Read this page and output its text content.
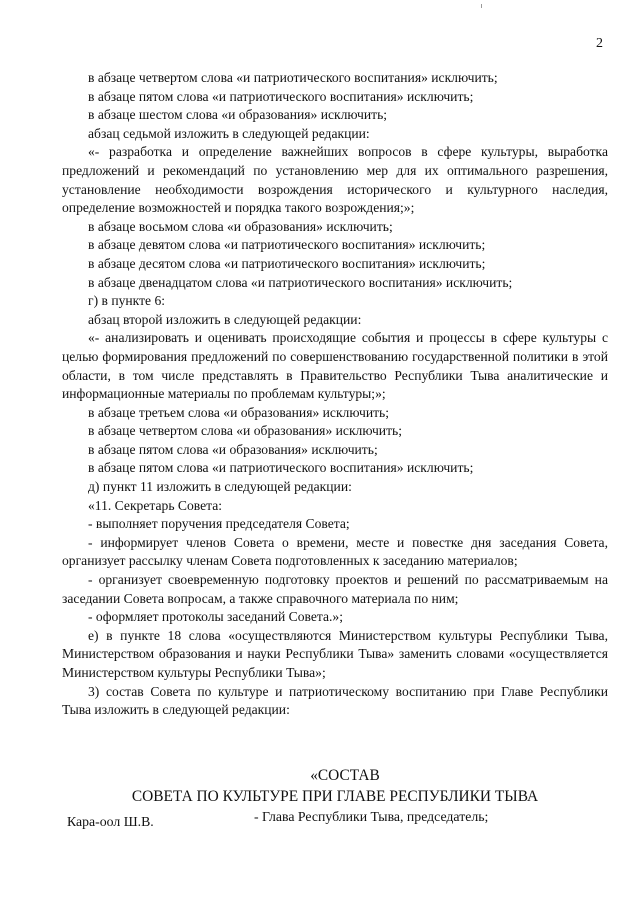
2

в абзаце четвертом слова «и патриотического воспитания» исключить;

в абзаце пятом слова «и патриотического воспитания» исключить;

в абзаце шестом слова «и образования» исключить;

абзац седьмой изложить в следующей редакции:

«- разработка и определение важнейших вопросов в сфере культуры, выработка предложений и рекомендаций по установлению мер для их оптимального разрешения, установление необходимости возрождения исторического и культурного наследия, определение возможностей и порядка такого возрождения;»;

в абзаце восьмом слова «и образования» исключить;

в абзаце девятом слова «и патриотического воспитания» исключить;

в абзаце десятом слова «и патриотического воспитания» исключить;

в абзаце двенадцатом слова «и патриотического воспитания» исключить;

г) в пункте 6:

абзац второй изложить в следующей редакции:

«- анализировать и оценивать происходящие события и процессы в сфере культуры с целью формирования предложений по совершенствованию государственной политики в этой области, в том числе представлять в Правительство Республики Тыва аналитические и информационные материалы по проблемам культуры;»;

в абзаце третьем слова «и образования» исключить;

в абзаце четвертом слова «и образования» исключить;

в абзаце пятом слова «и образования» исключить;

в абзаце пятом слова «и патриотического воспитания» исключить;

д) пункт 11 изложить в следующей редакции:

«11. Секретарь Совета:

- выполняет поручения председателя Совета;

- информирует членов Совета о времени, месте и повестке дня заседания Совета, организует рассылку членам Совета подготовленных к заседанию материалов;

- организует своевременную подготовку проектов и решений по рассматриваемым на заседании Совета вопросам, а также справочного материала по ним;

- оформляет протоколы заседаний Совета.»;

е) в пункте 18 слова «осуществляются Министерством культуры Республики Тыва, Министерством образования и науки Республики Тыва» заменить словами «осуществляется Министерством культуры Республики Тыва»;

3) состав Совета по культуре и патриотическому воспитанию при Главе Республики Тыва изложить в следующей редакции:

«СОСТАВ
СОВЕТА ПО КУЛЬТУРЕ ПРИ ГЛАВЕ РЕСПУБЛИКИ ТЫВА
Кара-оол Ш.В.	- Глава Республики Тыва, председатель;
